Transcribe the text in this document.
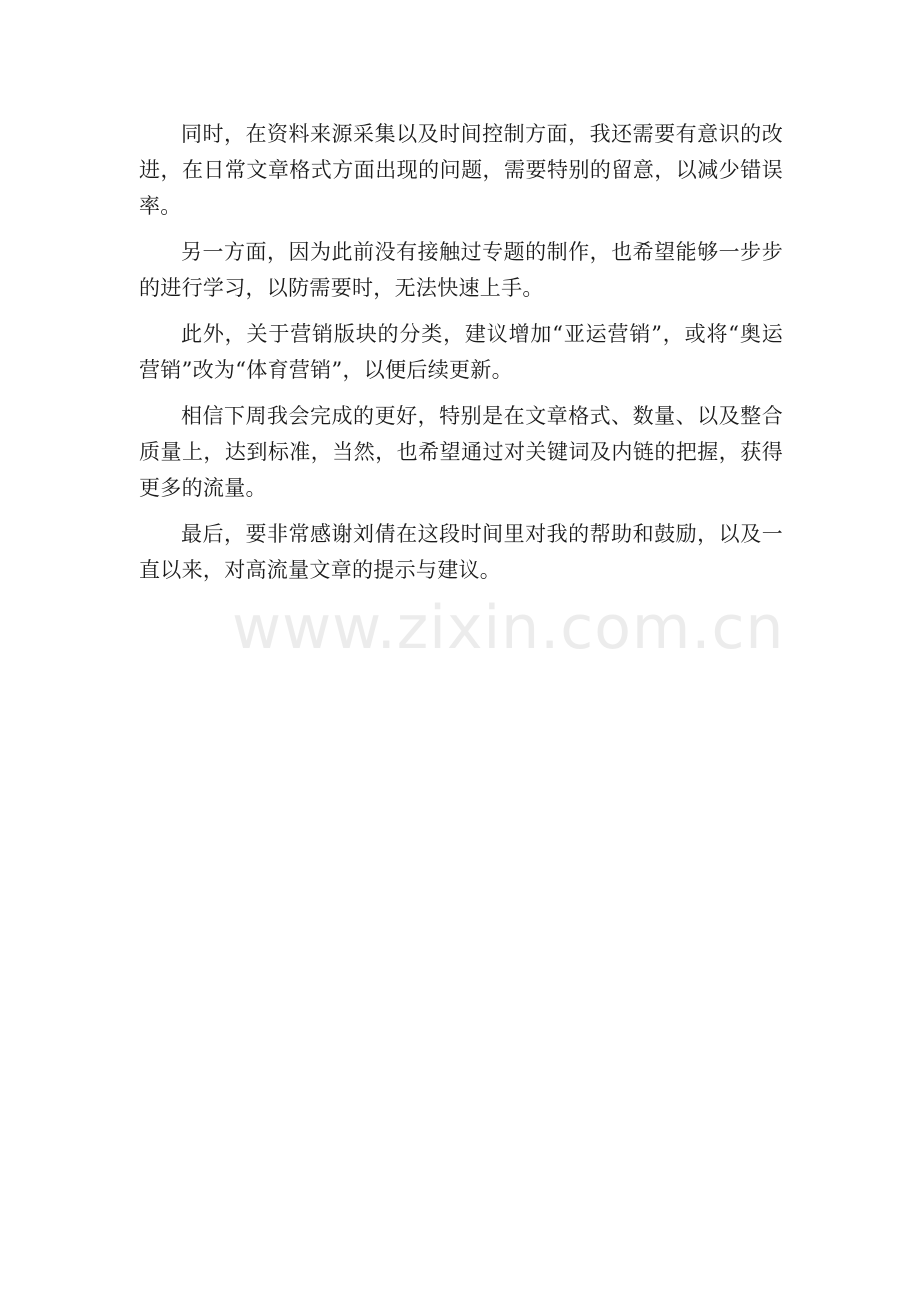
同时，在资料来源采集以及时间控制方面，我还需要有意识的改进，在日常文章格式方面出现的问题，需要特别的留意，以减少错误率。

另一方面，因为此前没有接触过专题的制作，也希望能够一步步的进行学习，以防需要时，无法快速上手。

此外，关于营销版块的分类，建议增加“亚运营销”，或将“奥运营销”改为“体育营销”，以便后续更新。

相信下周我会完成的更好，特别是在文章格式、数量、以及整合质量上，达到标准，当然，也希望通过对关键词及内链的把握，获得更多的流量。

最后，要非常感谢刘倩在这段时间里对我的帮助和鼓励，以及一直以来，对高流量文章的提示与建议。

www.zixin.com.cn
